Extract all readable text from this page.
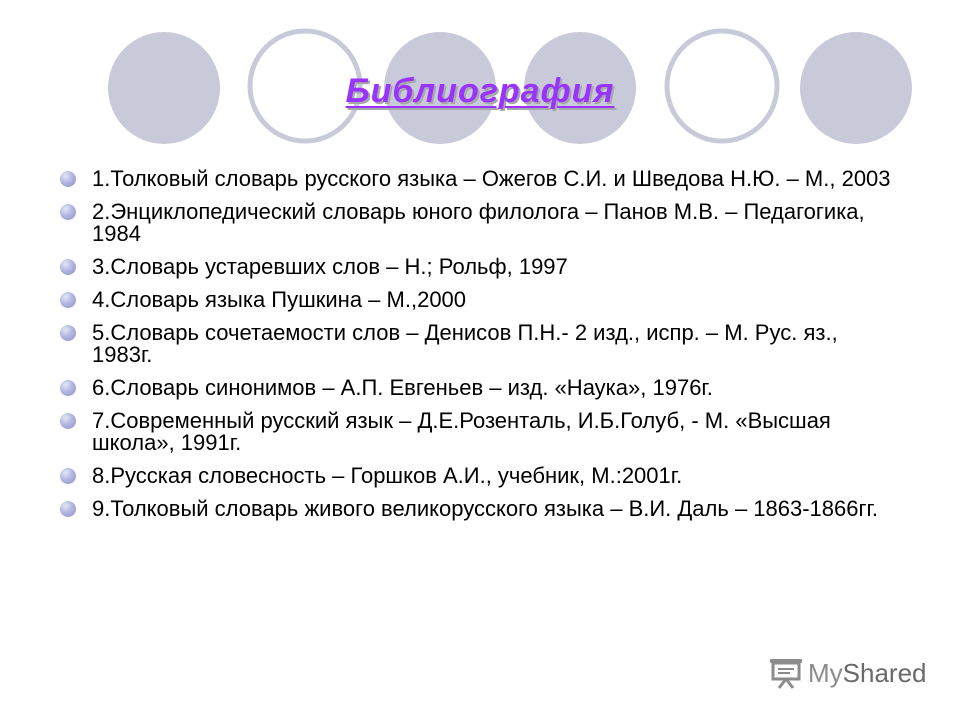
Библиография
1.Толковый словарь русского языка – Ожегов С.И. и Шведова Н.Ю. – М., 2003
2.Энциклопедический словарь юного филолога – Панов М.В. – Педагогика, 1984
3.Словарь устаревших слов – Н.; Рольф, 1997
4.Словарь языка Пушкина – М.,2000
5.Словарь сочетаемости слов – Денисов П.Н.- 2 изд., испр. – М. Рус. яз., 1983г.
6.Словарь синонимов – А.П. Евгеньев – изд. «Наука», 1976г.
7.Современный русский язык – Д.Е.Розенталь, И.Б.Голуб, - М. «Высшая школа», 1991г.
8.Русская словесность – Горшков А.И., учебник, М.:2001г.
9.Толковый словарь живого великорусского языка – В.И. Даль – 1863-1866гг.
MyShared
